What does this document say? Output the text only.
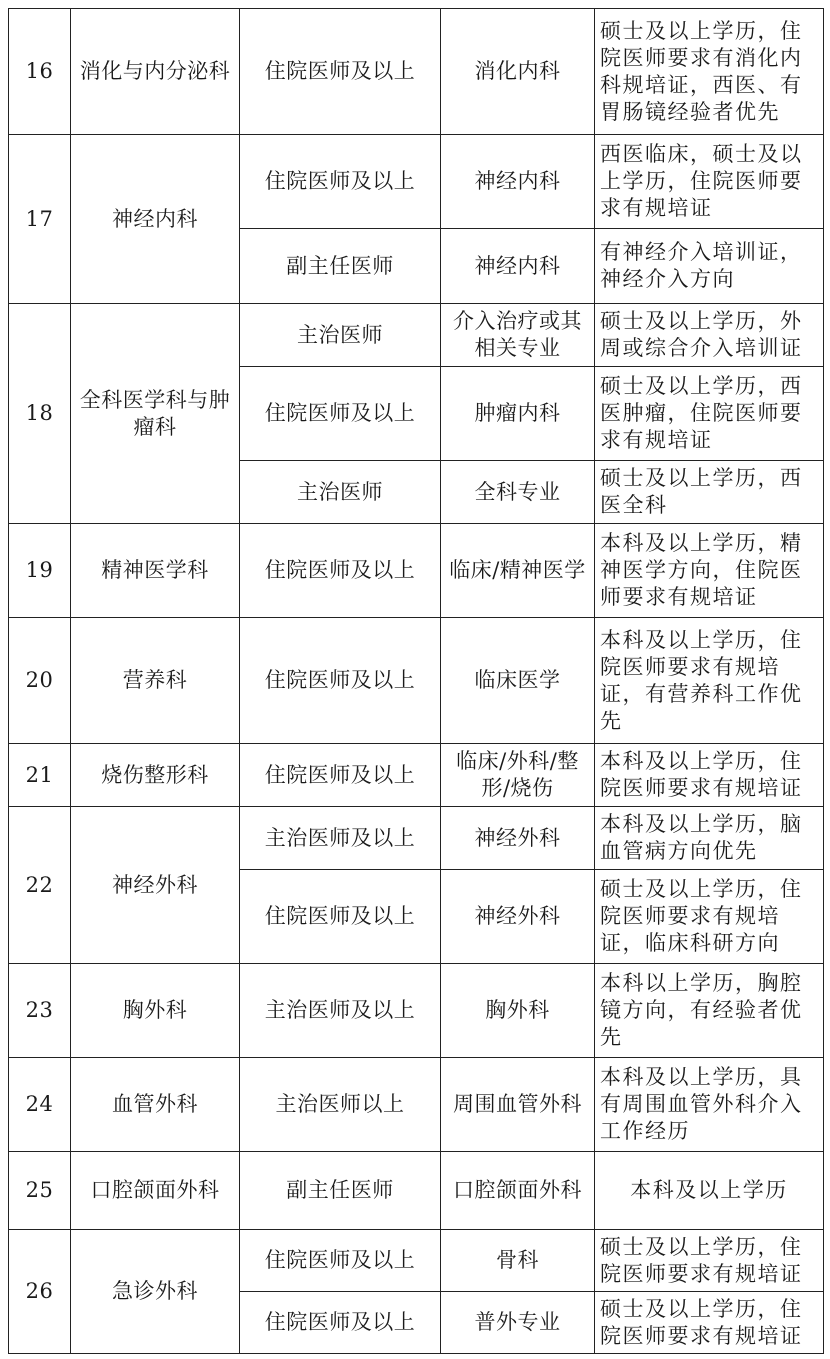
16	消化与内分泌科	住院医师及以上	消化内科	硕士及以上学历，住院医师要求有消化内科规培证，西医、有胃肠镜经验者优先
17	神经内科	住院医师及以上	神经内科	西医临床，硕士及以上学历，住院医师要求有规培证
		副主任医师	神经内科	有神经介入培训证，神经介入方向
18	全科医学科与肿瘤科	主治医师	介入治疗或其相关专业	硕士及以上学历，外周或综合介入培训证
		住院医师及以上	肿瘤内科	硕士及以上学历，西医肿瘤，住院医师要求有规培证
		主治医师	全科专业	硕士及以上学历，西医全科
19	精神医学科	住院医师及以上	临床/精神医学	本科及以上学历，精神医学方向，住院医师要求有规培证
20	营养科	住院医师及以上	临床医学	本科及以上学历，住院医师要求有规培证，有营养科工作优先
21	烧伤整形科	住院医师及以上	临床/外科/整形/烧伤	本科及以上学历，住院医师要求有规培证
22	神经外科	主治医师及以上	神经外科	本科及以上学历，脑血管病方向优先
		住院医师及以上	神经外科	硕士及以上学历，住院医师要求有规培证，临床科研方向
23	胸外科	主治医师及以上	胸外科	本科以上学历，胸腔镜方向，有经验者优先
24	血管外科	主治医师以上	周围血管外科	本科及以上学历，具有周围血管外科介入工作经历
25	口腔颌面外科	副主任医师	口腔颌面外科	本科及以上学历
26	急诊外科	住院医师及以上	骨科	硕士及以上学历，住院医师要求有规培证
		住院医师及以上	普外专业	硕士及以上学历，住院医师要求有规培证
